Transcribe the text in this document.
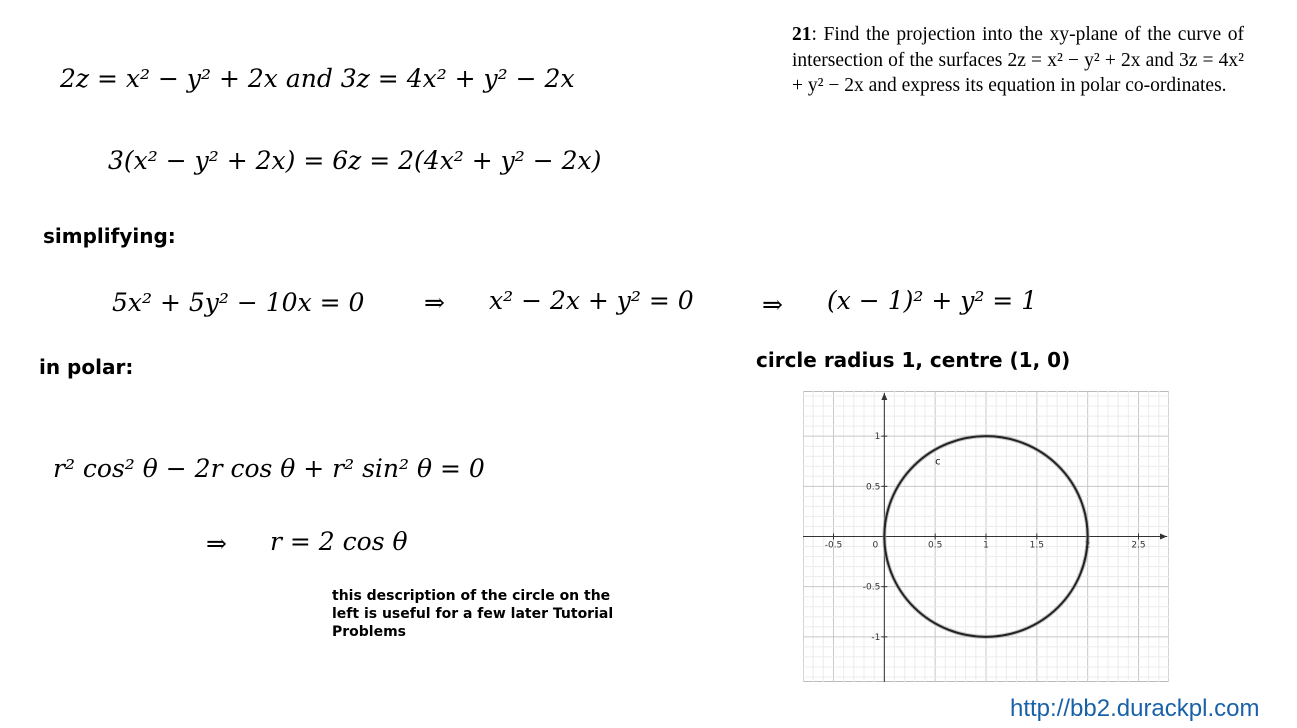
21: Find the projection into the xy-plane of the curve of intersection of the surfaces 2z = x² − y² + 2x and 3z = 4x² + y² − 2x and express its equation in polar co-ordinates.
2z = x² − y² + 2x and 3z = 4x² + y² − 2x
3(x² − y² + 2x) = 6z = 2(4x² + y² − 2x)
simplifying:
5x² + 5y² − 10x = 0 ⇒ x² − 2x + y² = 0	⇒ (x − 1)² + y² = 1
in polar:	circle radius 1, centre (1, 0)
r² cos² θ − 2r cos θ + r² sin² θ = 0
⇒ r = 2 cos θ
this description of the circle on the left is useful for a few later Tutorial Problems
-0.5	0	0.5	1	1.5	2	2.5
1
0.5
-0.5
-1
c
http://bb2.durackpl.com
